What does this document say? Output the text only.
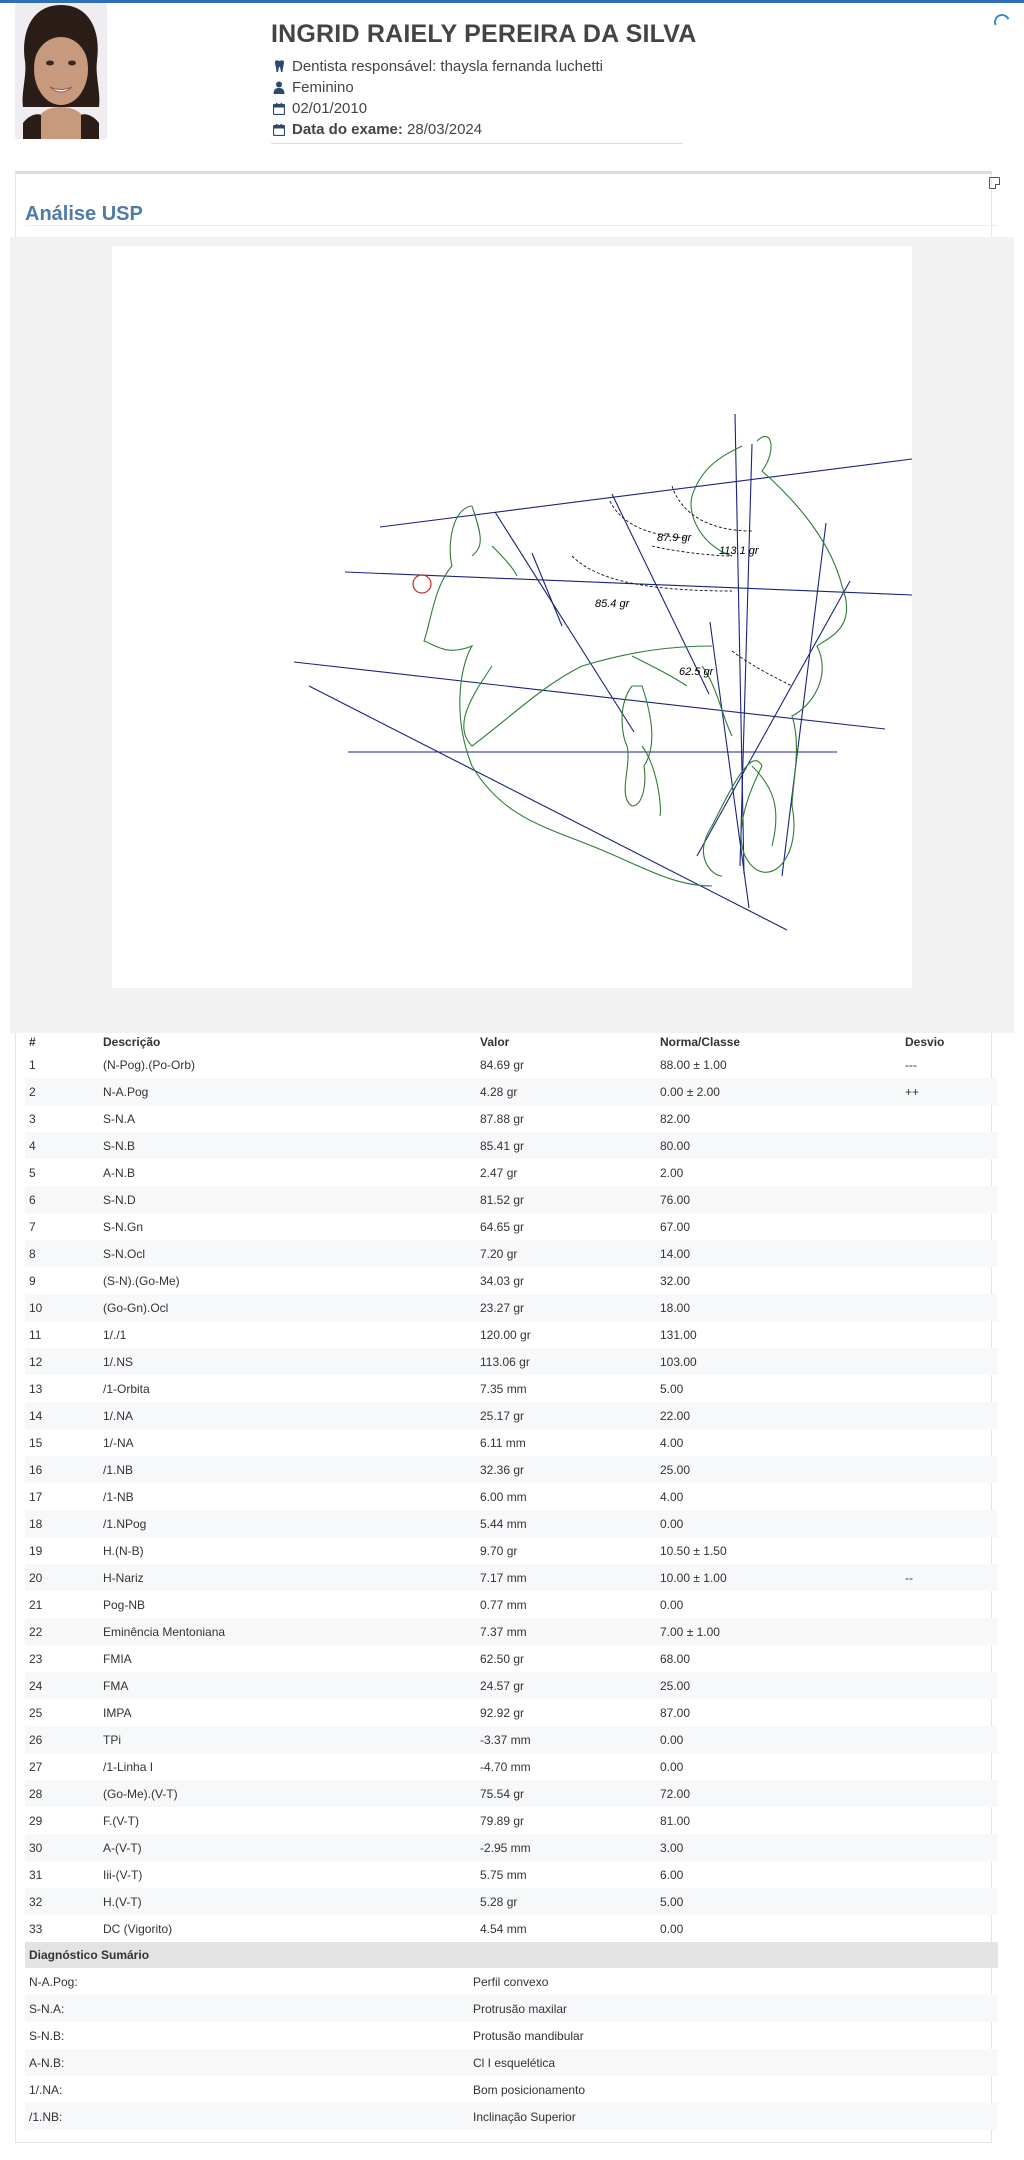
INGRID RAIELY PEREIRA DA SILVA
Dentista responsável: thaysla fernanda luchetti
Feminino
02/01/2010
Data do exame:
28/03/2024
Análise USP
87.9 gr
113.1 gr
85.4 gr
62.5 gr
#	Descrição	Valor	Norma/Classe	Desvio
1	(N-Pog).(Po-Orb)	84.69 gr	88.00 ± 1.00	---
2	N-A.Pog	4.28 gr	0.00 ± 2.00	++
3	S-N.A	87.88 gr	82.00	
4	S-N.B	85.41 gr	80.00	
5	A-N.B	2.47 gr	2.00	
6	S-N.D	81.52 gr	76.00	
7	S-N.Gn	64.65 gr	67.00	
8	S-N.Ocl	7.20 gr	14.00	
9	(S-N).(Go-Me)	34.03 gr	32.00	
10	(Go-Gn).Ocl	23.27 gr	18.00	
11	1/./1	120.00 gr	131.00	
12	1/.NS	113.06 gr	103.00	
13	/1-Orbita	7.35 mm	5.00	
14	1/.NA	25.17 gr	22.00	
15	1/-NA	6.11 mm	4.00	
16	/1.NB	32.36 gr	25.00	
17	/1-NB	6.00 mm	4.00	
18	/1.NPog	5.44 mm	0.00	
19	H.(N-B)	9.70 gr	10.50 ± 1.50	
20	H-Nariz	7.17 mm	10.00 ± 1.00	--
21	Pog-NB	0.77 mm	0.00	
22	Eminência Mentoniana	7.37 mm	7.00 ± 1.00	
23	FMIA	62.50 gr	68.00	
24	FMA	24.57 gr	25.00	
25	IMPA	92.92 gr	87.00	
26	TPi	-3.37 mm	0.00	
27	/1-Linha I	-4.70 mm	0.00	
28	(Go-Me).(V-T)	75.54 gr	72.00	
29	F.(V-T)	79.89 gr	81.00	
30	A-(V-T)	-2.95 mm	3.00	
31	Iii-(V-T)	5.75 mm	6.00	
32	H.(V-T)	5.28 gr	5.00	
33	DC (Vigorito)	4.54 mm	0.00	
Diagnóstico Sumário	
N-A.Pog:	Perfil convexo
S-N.A:	Protrusão maxilar
S-N.B:	Protusão mandibular
A-N.B:	Cl I esquelética
1/.NA:	Bom posicionamento
/1.NB:	Inclinação Superior
